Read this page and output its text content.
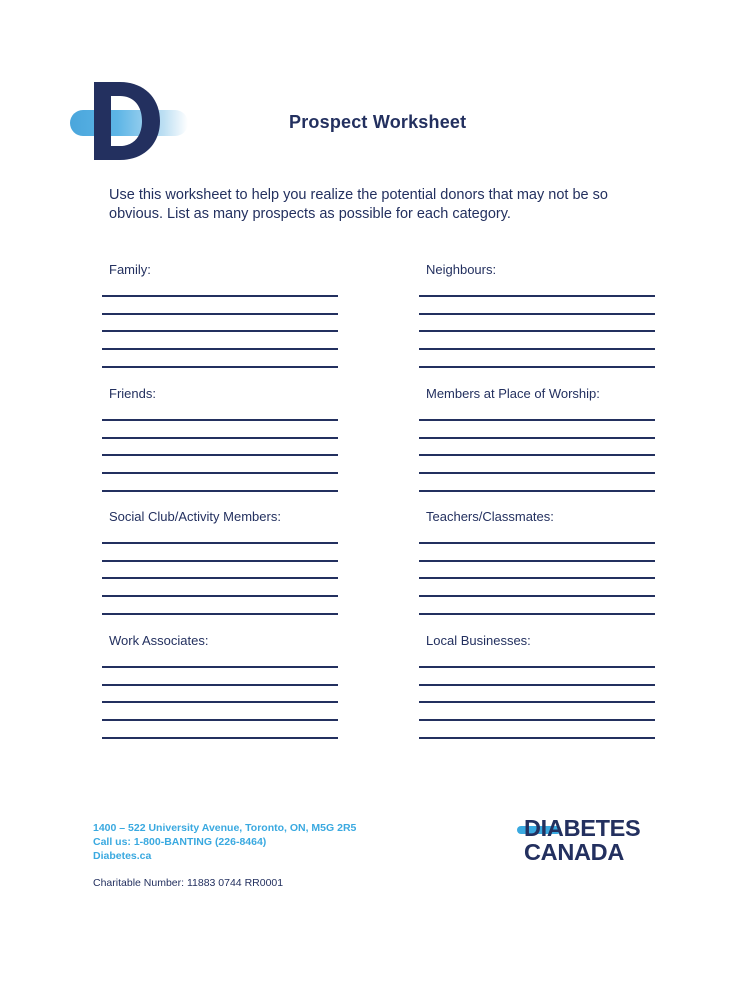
Prospect Worksheet
Use this worksheet to help you realize the potential donors that may not be so obvious. List as many prospects as possible for each category.
Family:	Neighbours:
Friends:	Members at Place of Worship:
Social Club/Activity Members:	Teachers/Classmates:
Work Associates:	Local Businesses:
1400 – 522 University Avenue, Toronto, ON, M5G 2R5
Call us: 1-800-BANTING (226-8464)
Diabetes.ca
Charitable Number: 11883 0744 RR0001
DIABETES
CANADA
